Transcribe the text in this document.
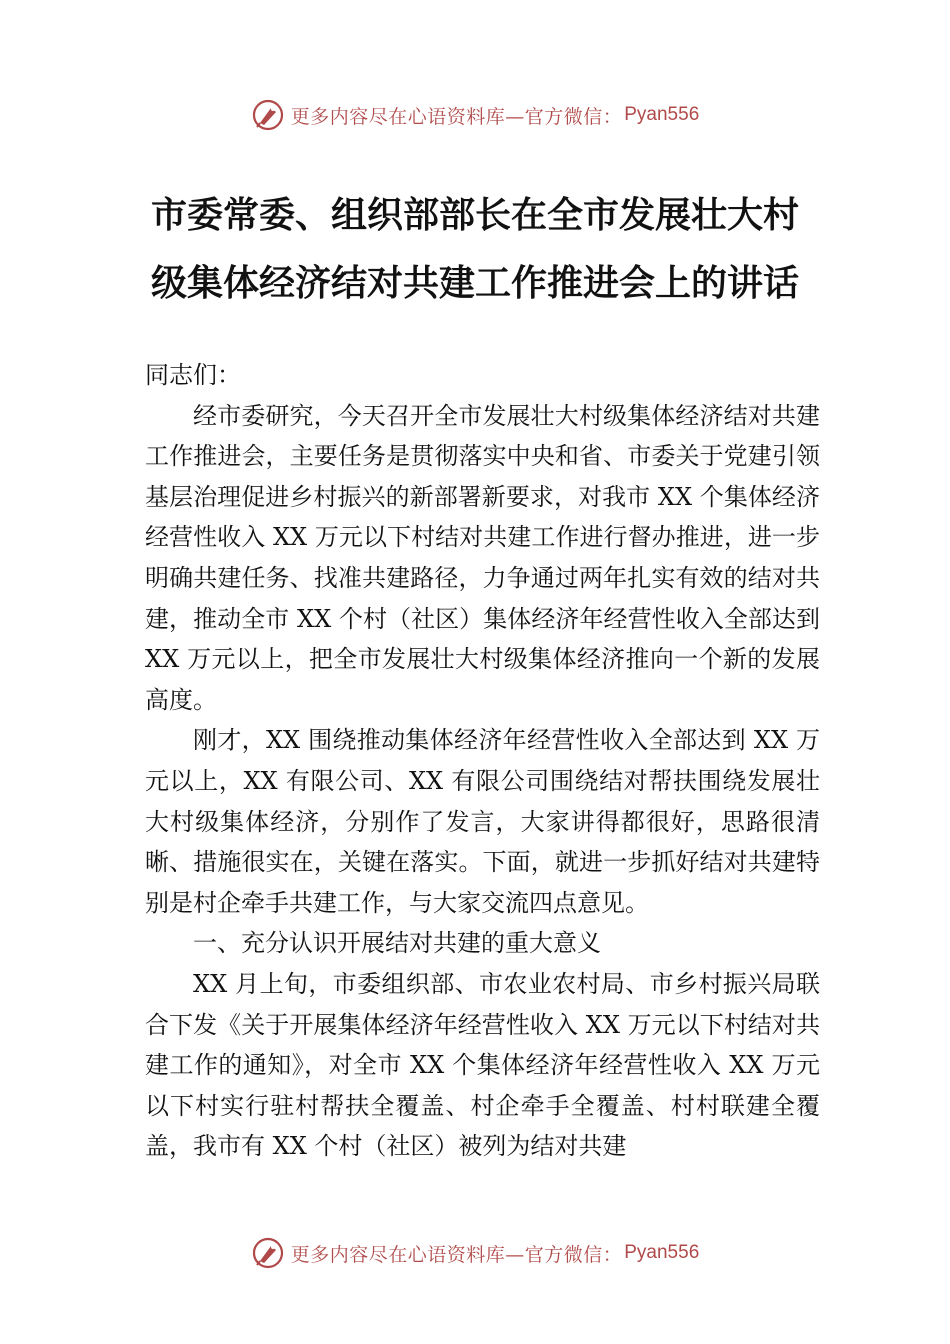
更多内容尽在心语资料库—官方微信： Pyan556
市委常委、组织部部长在全市发展壮大村
级集体经济结对共建工作推进会上的讲话

同志们：

经市委研究，今天召开全市发展壮大村级集体经济结对共建工作推进会，主要任务是贯彻落实中央和省、市委关于党建引领基层治理促进乡村振兴的新部署新要求，对我市 XX 个集体经济经营性收入 XX 万元以下村结对共建工作进行督办推进，进一步明确共建任务、找准共建路径，力争通过两年扎实有效的结对共建，推动全市 XX 个村（社区）集体经济年经营性收入全部达到 XX 万元以上，把全市发展壮大村级集体经济推向一个新的发展高度。

刚才，XX 围绕推动集体经济年经营性收入全部达到 XX 万元以上，XX 有限公司、XX 有限公司围绕结对帮扶围绕发展壮大村级集体经济，分别作了发言，大家讲得都很好，思路很清晰、措施很实在，关键在落实。下面，就进一步抓好结对共建特别是村企牵手共建工作，与大家交流四点意见。

一、充分认识开展结对共建的重大意义

XX 月上旬，市委组织部、市农业农村局、市乡村振兴局联合下发《关于开展集体经济年经营性收入 XX 万元以下村结对共建工作的通知》，对全市 XX 个集体经济年经营性收入 XX 万元以下村实行驻村帮扶全覆盖、村企牵手全覆盖、村村联建全覆盖，我市有 XX 个村（社区）被列为结对共建

更多内容尽在心语资料库—官方微信： Pyan556
